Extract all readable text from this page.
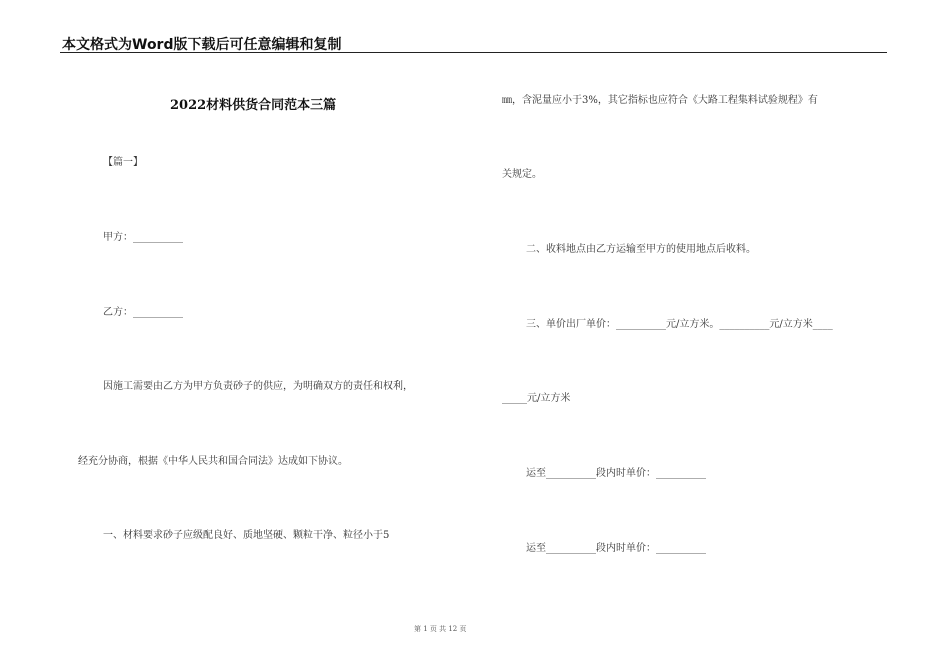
本文格式为Word版下载后可任意编辑和复制
2022材料供货合同范本三篇
【篇一】
甲方：__________
乙方：__________
因施工需要由乙方为甲方负责砂子的供应，为明确双方的责任和权利，
经充分协商，根据《中华人民共和国合同法》达成如下协议。
一、材料要求砂子应级配良好、质地坚硬、颗粒干净、粒径小于5
㎜，含泥量应小于3%，其它指标也应符合《大路工程集料试验规程》有
关规定。
二、收料地点由乙方运输至甲方的使用地点后收料。
三、单价出厂单价：__________元/立方米。__________元/立方米____
_____元/立方米
运至__________段内时单价：__________
运至__________段内时单价：__________
第 1 页 共 12 页
